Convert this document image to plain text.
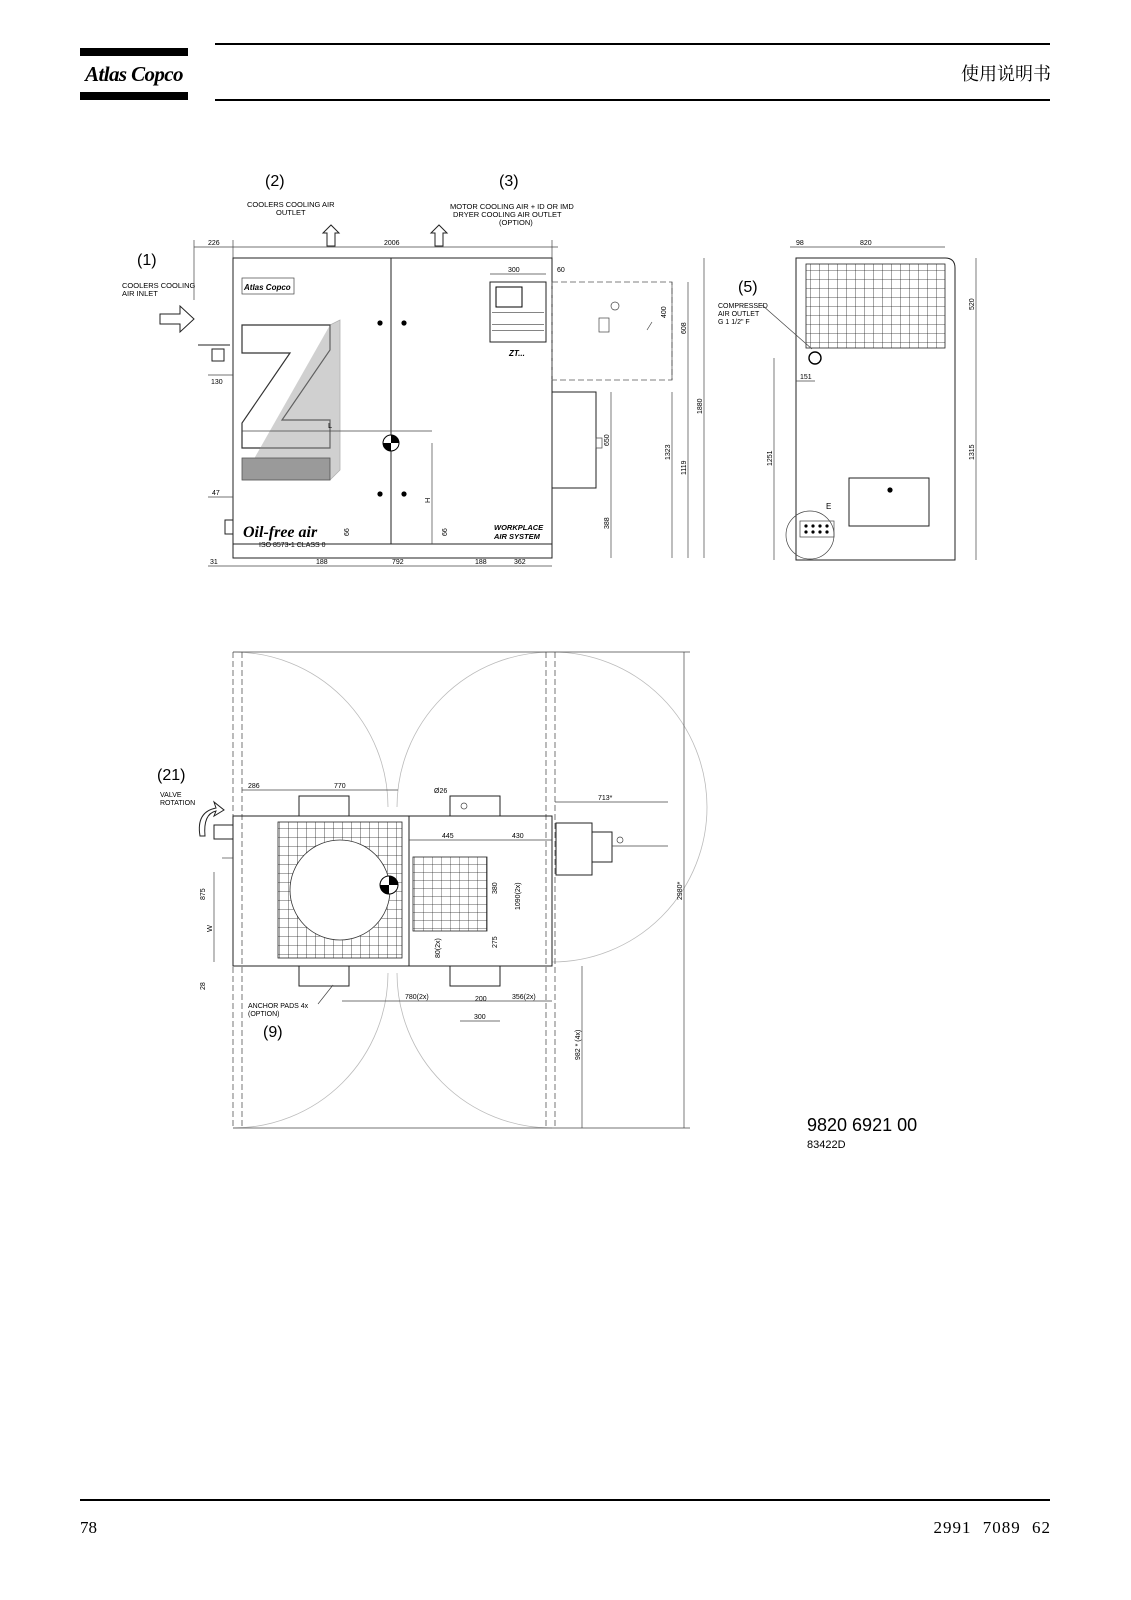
Atlas Copco	使用说明书
(2)
COOLERS COOLING AIR
OUTLET
(3)
MOTOR COOLING AIR + ID OR IMD
DRYER COOLING AIR OUTLET
(OPTION)
(1)
COOLERS COOLING
AIR INLET
226	2006
Atlas Copco
L
H
Oil-free air
ISO 8573-1 CLASS 0
WORKPLACE
AIR SYSTEM
ZT...
300	60
130
47
31	188	792	188	362
66	66
400
608
650
388
1323
1119
1880
98	820
(5)
COMPRESSED
AIR OUTLET
G 1 1/2" F
151
E
520
1315
1251
(21)
VALVE
ROTATION
286	770
Ø26
713*
445	430
380 1090(2x)
275
80(2x)
875
W
28
2980*
982 * (4x)
780(2x)	200	356(2x)
300
ANCHOR PADS 4x
(OPTION)
(9)
9820 6921 00
83422D
78	2991 7089 62
